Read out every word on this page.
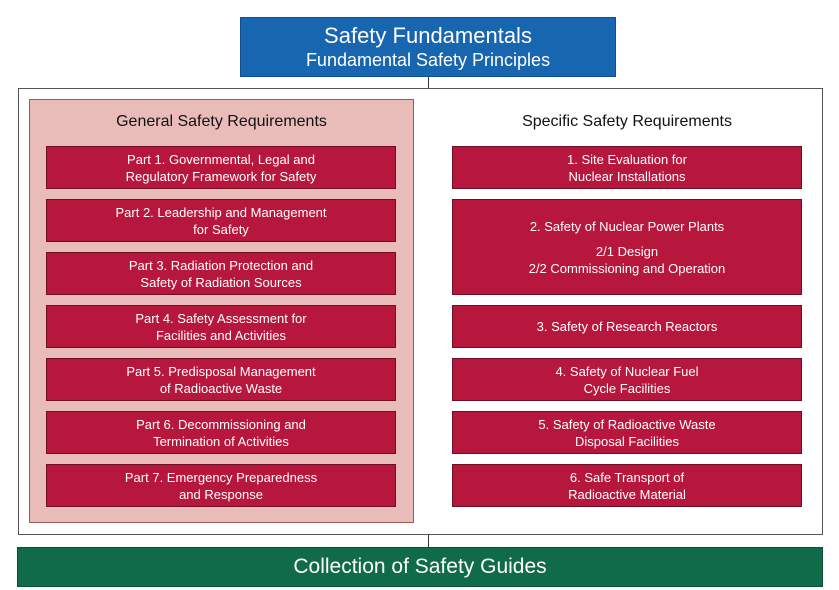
Safety Fundamentals
Fundamental Safety Principles
General Safety Requirements
Part 1. Governmental, Legal and
Regulatory Framework for Safety
Part 2. Leadership and Management
for Safety
Part 3. Radiation Protection and
Safety of Radiation Sources
Part 4. Safety Assessment for
Facilities and Activities
Part 5. Predisposal Management
of Radioactive Waste
Part 6. Decommissioning and
Termination of Activities
Part 7. Emergency Preparedness
and Response
Specific Safety Requirements
1. Site Evaluation for
Nuclear Installations
2. Safety of Nuclear Power Plants
2/1 Design
2/2 Commissioning and Operation
3. Safety of Research Reactors
4. Safety of Nuclear Fuel
Cycle Facilities
5. Safety of Radioactive Waste
Disposal Facilities
6. Safe Transport of
Radioactive Material
Collection of Safety Guides
